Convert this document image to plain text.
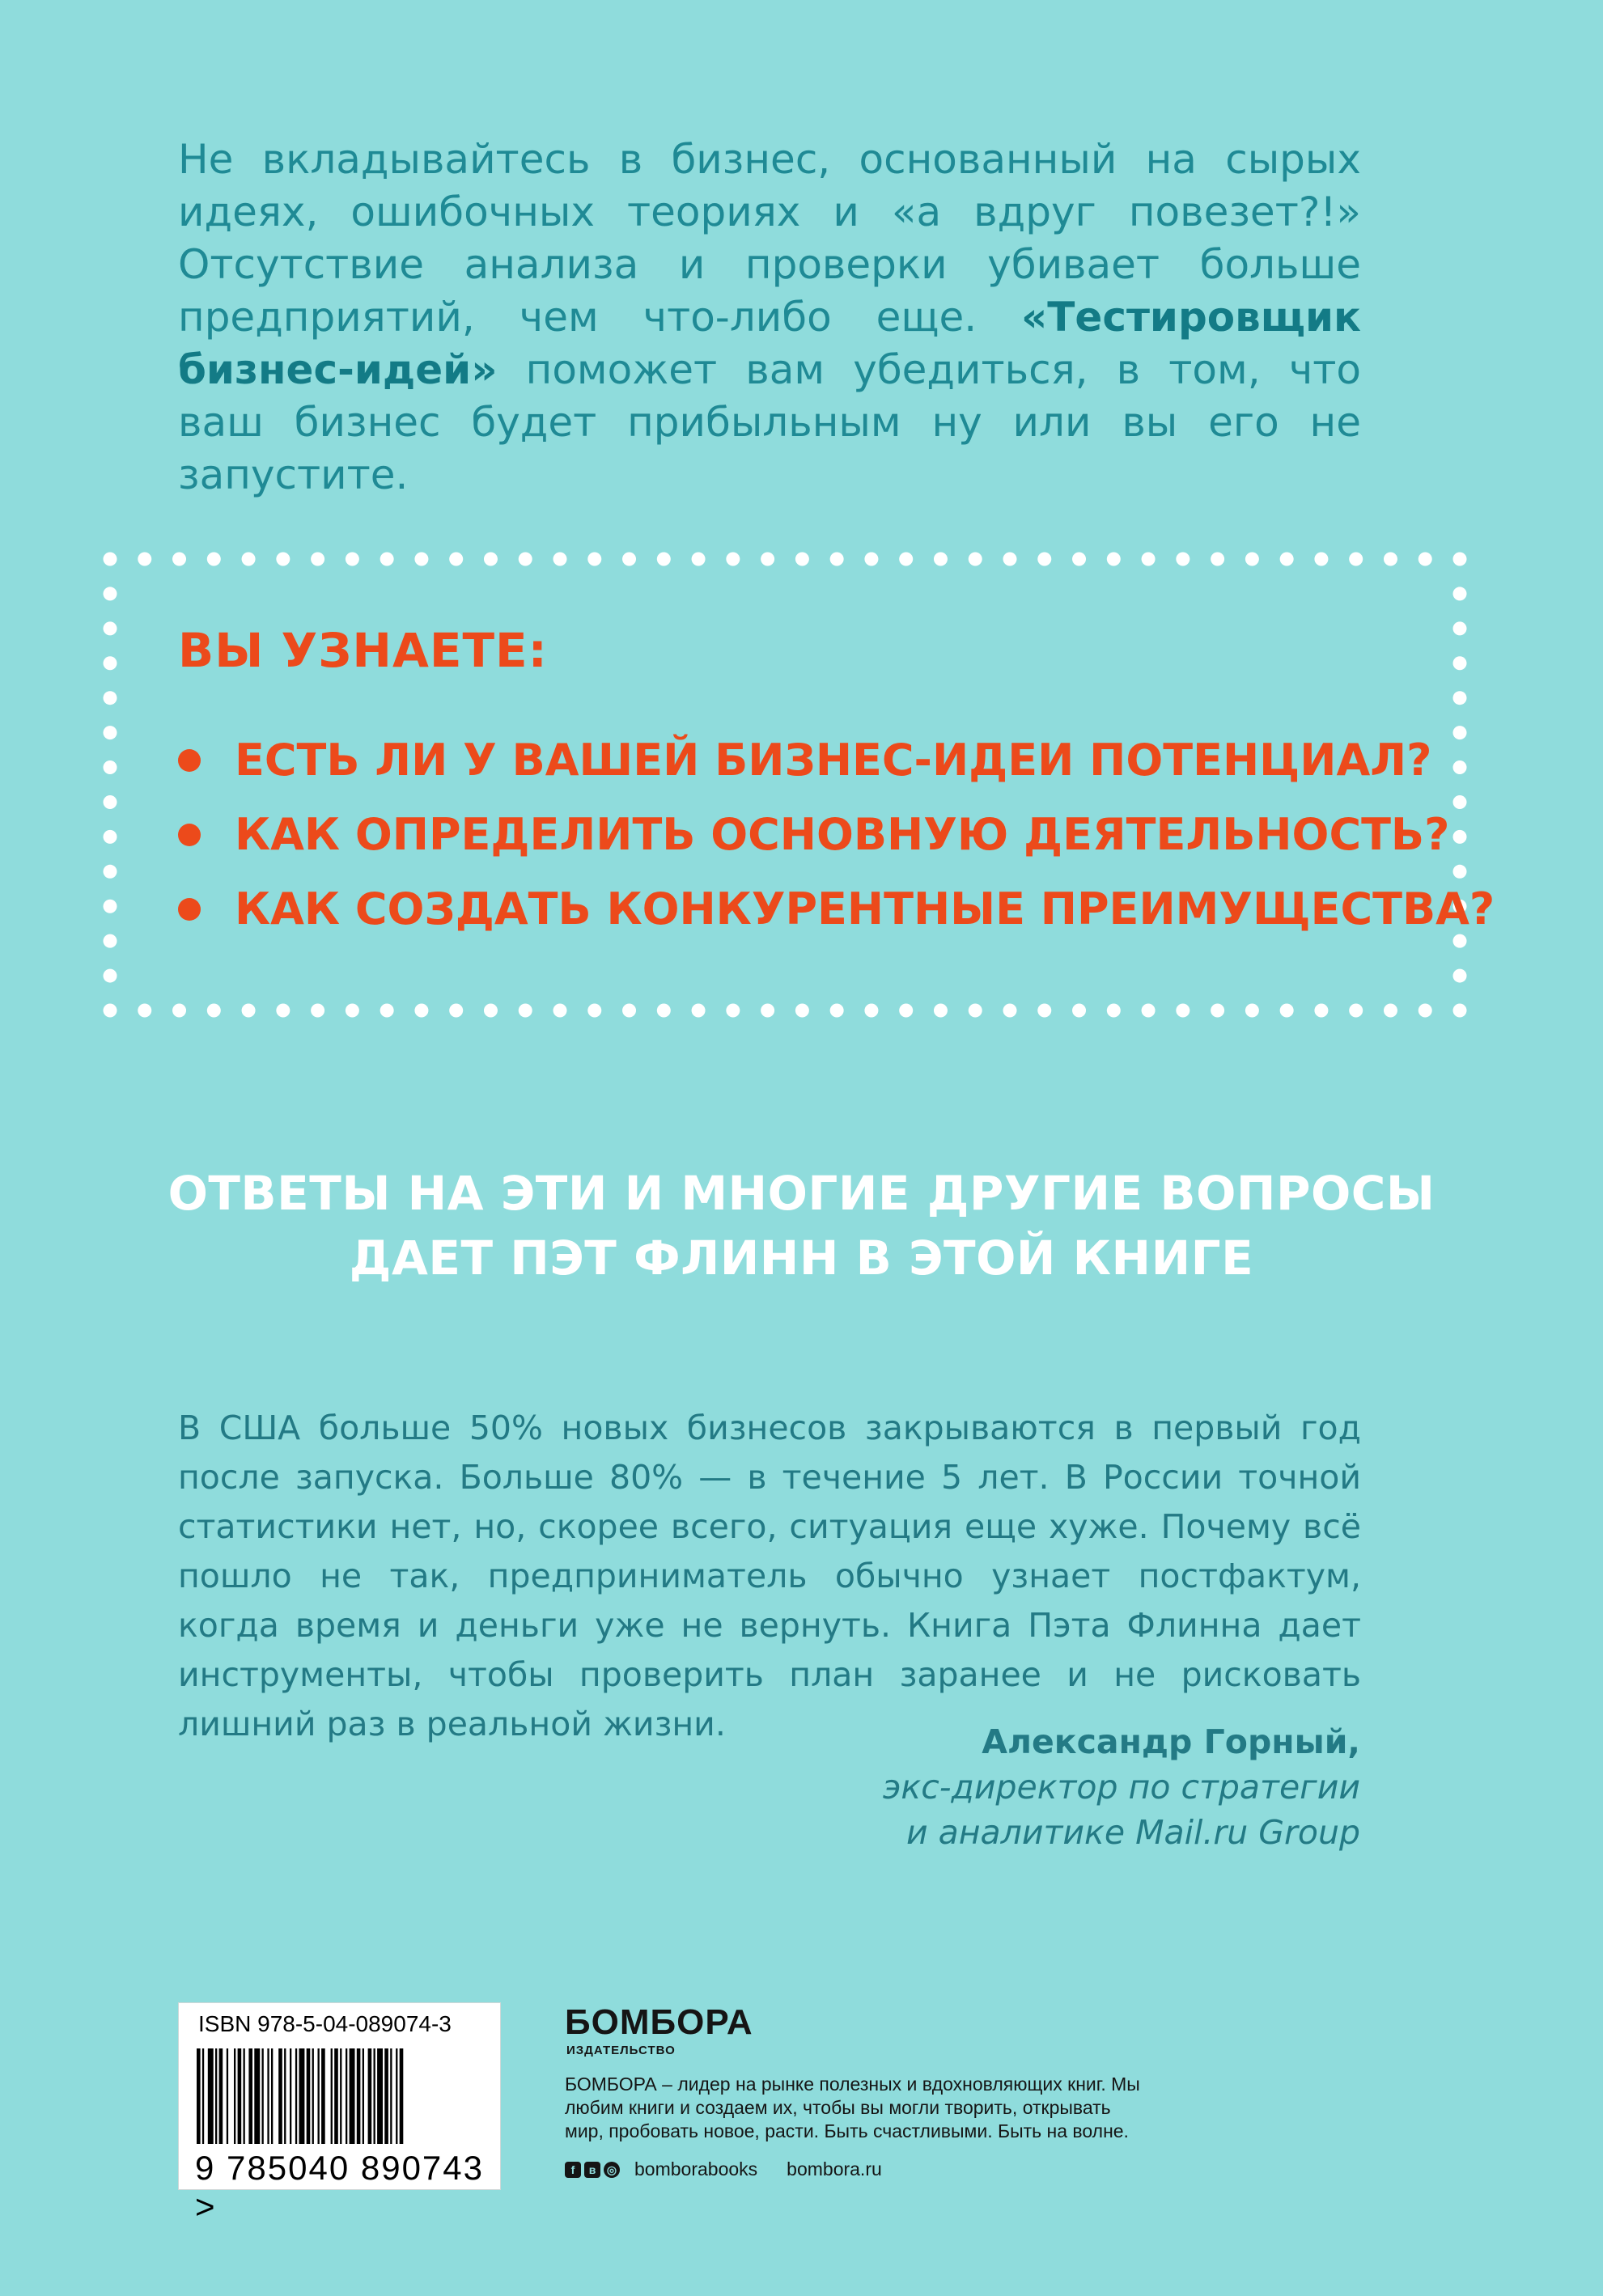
Не вкладывайтесь в бизнес, основанный на сырых идеях, ошибочных теориях и «а вдруг повезет?!» Отсутствие анализа и проверки убивает больше предприятий, чем что-либо еще. «Тестировщик бизнес-идей» поможет вам убедиться, в том, что ваш бизнес будет прибыльным ну или вы его не запустите.

ВЫ УЗНАЕТЕ:
ЕСТЬ ЛИ У ВАШЕЙ БИЗНЕС-ИДЕИ ПОТЕНЦИАЛ?
КАК ОПРЕДЕЛИТЬ ОСНОВНУЮ ДЕЯТЕЛЬНОСТЬ?
КАК СОЗДАТЬ КОНКУРЕНТНЫЕ ПРЕИМУЩЕСТВА?
ОТВЕТЫ НА ЭТИ И МНОГИЕ ДРУГИЕ ВОПРОСЫ
ДАЕТ ПЭТ ФЛИНН В ЭТОЙ КНИГЕ

В США больше 50% новых бизнесов закрываются в первый год после запуска. Больше 80% — в течение 5 лет. В России точной статистики нет, но, скорее всего, ситуация еще хуже. Почему всё пошло не так, предприниматель обычно узнает постфактум, когда время и деньги уже не вернуть. Книга Пэта Флинна дает инструменты, чтобы проверить план заранее и не рисковать лишний раз в реальной жизни.	Александр Горный,
экс-директор по стратегии
и аналитике Mail.ru Group
ISBN 978-5-04-089074-3
9 785040 890743 >
БОМБОРА
ИЗДАТЕЛЬСТВО

БОМБОРА – лидер на рынке полезных и вдохновляющих книг. Мы любим книги и создаем их, чтобы вы могли творить, открывать мир, пробовать новое, расти. Быть счастливыми. Быть на волне.

f	в ◎ bomborabooks bombora.ru
